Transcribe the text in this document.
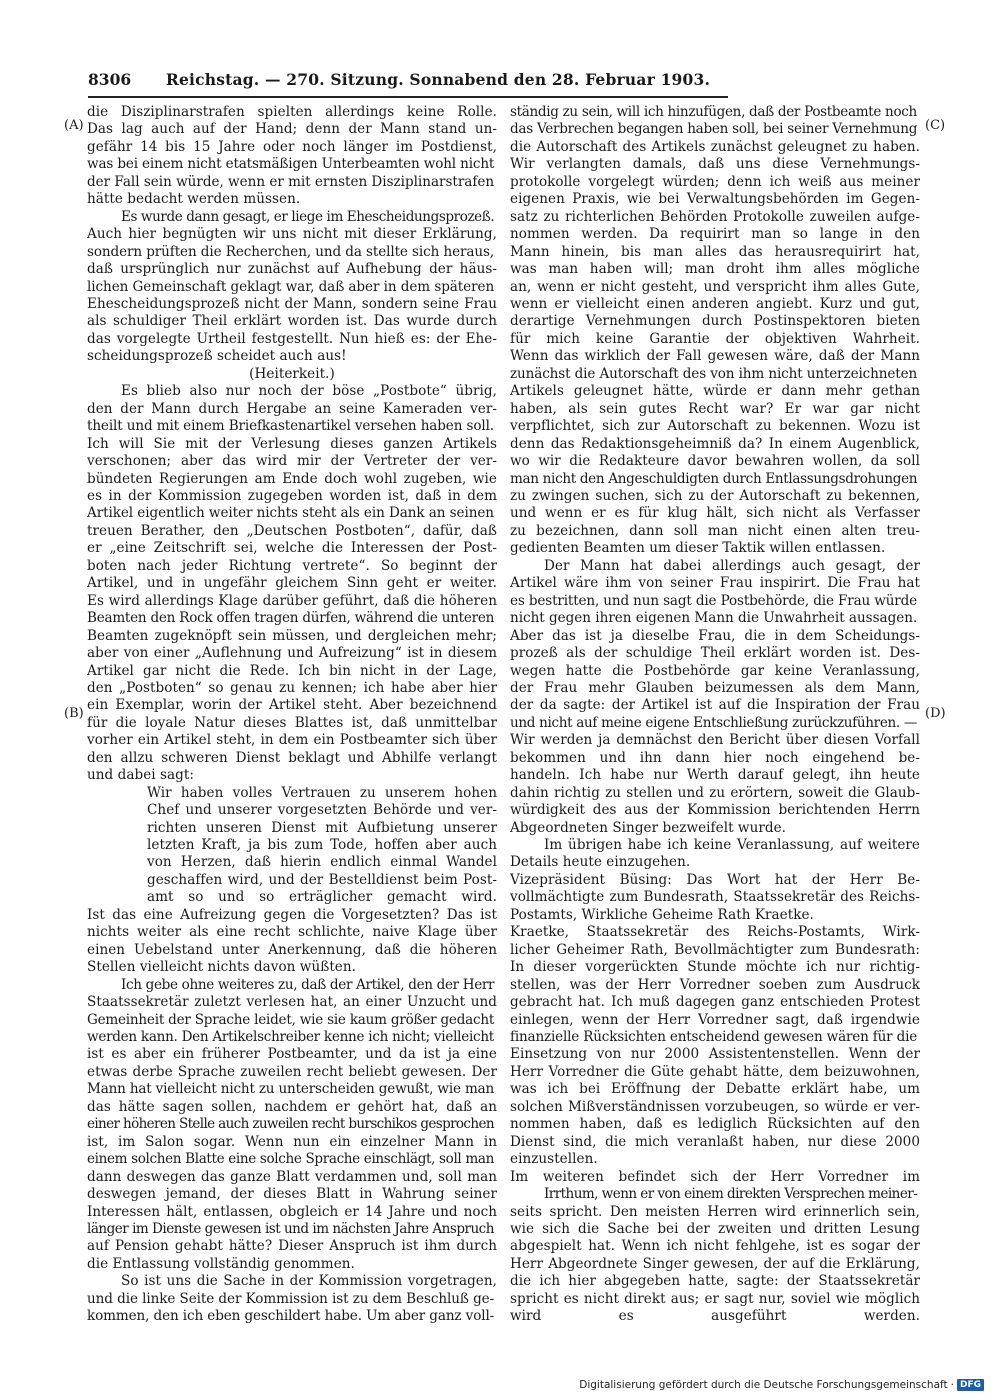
8306	Reichstag. — 270. Sitzung. Sonnabend den 28. Februar 1903.
(A)
(B)
(C)
(D)

die Disziplinarstrafen spielten allerdings keine Rolle.

Das lag auch auf der Hand; denn der Mann stand un-

gefähr 14 bis 15 Jahre oder noch länger im Postdienst,

was bei einem nicht etatsmäßigen Unterbeamten wohl nicht

der Fall sein würde, wenn er mit ernsten Disziplinarstrafen

hätte bedacht werden müssen.

Es wurde dann gesagt, er liege im Ehescheidungsprozeß.

Auch hier begnügten wir uns nicht mit dieser Erklärung,

sondern prüften die Recherchen, und da stellte sich heraus,

daß ursprünglich nur zunächst auf Aufhebung der häus-

lichen Gemeinschaft geklagt war, daß aber in dem späteren

Ehescheidungsprozeß nicht der Mann, sondern seine Frau

als schuldiger Theil erklärt worden ist. Das wurde durch

das vorgelegte Urtheil festgestellt. Nun hieß es: der Ehe-

scheidungsprozeß scheidet auch aus!

(Heiterkeit.)

Es blieb also nur noch der böse „Postbote“ übrig,

den der Mann durch Hergabe an seine Kameraden ver-

theilt und mit einem Briefkastenartikel versehen haben soll.

Ich will Sie mit der Verlesung dieses ganzen Artikels

verschonen; aber das wird mir der Vertreter der ver-

bündeten Regierungen am Ende doch wohl zugeben, wie

es in der Kommission zugegeben worden ist, daß in dem

Artikel eigentlich weiter nichts steht als ein Dank an seinen

treuen Berather, den „Deutschen Postboten“, dafür, daß

er „eine Zeitschrift sei, welche die Interessen der Post-

boten nach jeder Richtung vertrete“. So beginnt der

Artikel, und in ungefähr gleichem Sinn geht er weiter.

Es wird allerdings Klage darüber geführt, daß die höheren

Beamten den Rock offen tragen dürfen, während die unteren

Beamten zugeknöpft sein müssen, und dergleichen mehr;

aber von einer „Auflehnung und Aufreizung“ ist in diesem

Artikel gar nicht die Rede. Ich bin nicht in der Lage,

den „Postboten“ so genau zu kennen; ich habe aber hier

ein Exemplar, worin der Artikel steht. Aber bezeichnend

für die loyale Natur dieses Blattes ist, daß unmittelbar

vorher ein Artikel steht, in dem ein Postbeamter sich über

den allzu schweren Dienst beklagt und Abhilfe verlangt

und dabei sagt:

Wir haben volles Vertrauen zu unserem hohen

Chef und unserer vorgesetzten Behörde und ver-

richten unseren Dienst mit Aufbietung unserer

letzten Kraft, ja bis zum Tode, hoffen aber auch

von Herzen, daß hierin endlich einmal Wandel

geschaffen wird, und der Bestelldienst beim Post-

amt so und so erträglicher gemacht wird.

Ist das eine Aufreizung gegen die Vorgesetzten? Das ist

nichts weiter als eine recht schlichte, naive Klage über

einen Uebelstand unter Anerkennung, daß die höheren

Stellen vielleicht nichts davon wüßten.

Ich gebe ohne weiteres zu, daß der Artikel, den der Herr

Staatssekretär zuletzt verlesen hat, an einer Unzucht und

Gemeinheit der Sprache leidet, wie sie kaum größer gedacht

werden kann. Den Artikelschreiber kenne ich nicht; vielleicht

ist es aber ein früherer Postbeamter, und da ist ja eine

etwas derbe Sprache zuweilen recht beliebt gewesen. Der

Mann hat vielleicht nicht zu unterscheiden gewußt, wie man

das hätte sagen sollen, nachdem er gehört hat, daß an

einer höheren Stelle auch zuweilen recht burschikos gesprochen

ist, im Salon sogar. Wenn nun ein einzelner Mann in

einem solchen Blatte eine solche Sprache einschlägt, soll man

dann deswegen das ganze Blatt verdammen und, soll man

deswegen jemand, der dieses Blatt in Wahrung seiner

Interessen hält, entlassen, obgleich er 14 Jahre und noch

länger im Dienste gewesen ist und im nächsten Jahre Anspruch

auf Pension gehabt hätte? Dieser Anspruch ist ihm durch

die Entlassung vollständig genommen.

So ist uns die Sache in der Kommission vorgetragen,

und die linke Seite der Kommission ist zu dem Beschluß ge-

kommen, den ich eben geschildert habe. Um aber ganz voll-

ständig zu sein, will ich hinzufügen, daß der Postbeamte noch

das Verbrechen begangen haben soll, bei seiner Vernehmung

die Autorschaft des Artikels zunächst geleugnet zu haben.

Wir verlangten damals, daß uns diese Vernehmungs-

protokolle vorgelegt würden; denn ich weiß aus meiner

eigenen Praxis, wie bei Verwaltungsbehörden im Gegen-

satz zu richterlichen Behörden Protokolle zuweilen aufge-

nommen werden. Da requirirt man so lange in den

Mann hinein, bis man alles das herausrequirirt hat,

was man haben will; man droht ihm alles mögliche

an, wenn er nicht gesteht, und verspricht ihm alles Gute,

wenn er vielleicht einen anderen angiebt. Kurz und gut,

derartige Vernehmungen durch Postinspektoren bieten

für mich keine Garantie der objektiven Wahrheit.

Wenn das wirklich der Fall gewesen wäre, daß der Mann

zunächst die Autorschaft des von ihm nicht unterzeichneten

Artikels geleugnet hätte, würde er dann mehr gethan

haben, als sein gutes Recht war? Er war gar nicht

verpflichtet, sich zur Autorschaft zu bekennen. Wozu ist

denn das Redaktionsgeheimniß da? In einem Augenblick,

wo wir die Redakteure davor bewahren wollen, da soll

man nicht den Angeschuldigten durch Entlassungsdrohungen

zu zwingen suchen, sich zu der Autorschaft zu bekennen,

und wenn er es für klug hält, sich nicht als Verfasser

zu bezeichnen, dann soll man nicht einen alten treu-

gedienten Beamten um dieser Taktik willen entlassen.

Der Mann hat dabei allerdings auch gesagt, der

Artikel wäre ihm von seiner Frau inspirirt. Die Frau hat

es bestritten, und nun sagt die Postbehörde, die Frau würde

nicht gegen ihren eigenen Mann die Unwahrheit aussagen.

Aber das ist ja dieselbe Frau, die in dem Scheidungs-

prozeß als der schuldige Theil erklärt worden ist. Des-

wegen hatte die Postbehörde gar keine Veranlassung,

der Frau mehr Glauben beizumessen als dem Mann,

der da sagte: der Artikel ist auf die Inspiration der Frau

und nicht auf meine eigene Entschließung zurückzuführen. —

Wir werden ja demnächst den Bericht über diesen Vorfall

bekommen und ihn dann hier noch eingehend be-

handeln. Ich habe nur Werth darauf gelegt, ihn heute

dahin richtig zu stellen und zu erörtern, soweit die Glaub-

würdigkeit des aus der Kommission berichtenden Herrn

Abgeordneten Singer bezweifelt wurde.

Im übrigen habe ich keine Veranlassung, auf weitere

Details heute einzugehen.

Vizepräsident Büsing: Das Wort hat der Herr Be-

vollmächtigte zum Bundesrath, Staatssekretär des Reichs-

Postamts, Wirkliche Geheime Rath Kraetke.

Kraetke, Staatssekretär des Reichs-Postamts, Wirk-

licher Geheimer Rath, Bevollmächtigter zum Bundesrath:

In dieser vorgerückten Stunde möchte ich nur richtig-

stellen, was der Herr Vorredner soeben zum Ausdruck

gebracht hat. Ich muß dagegen ganz entschieden Protest

einlegen, wenn der Herr Vorredner sagt, daß irgendwie

finanzielle Rücksichten entscheidend gewesen wären für die

Einsetzung von nur 2000 Assistentenstellen. Wenn der

Herr Vorredner die Güte gehabt hätte, dem beizuwohnen,

was ich bei Eröffnung der Debatte erklärt habe, um

solchen Mißverständnissen vorzubeugen, so würde er ver-

nommen haben, daß es lediglich Rücksichten auf den

Dienst sind, die mich veranlaßt haben, nur diese 2000

einzustellen.

Im weiteren befindet sich der Herr Vorredner im

Irrthum, wenn er von einem direkten Versprechen meiner-

seits spricht. Den meisten Herren wird erinnerlich sein,

wie sich die Sache bei der zweiten und dritten Lesung

abgespielt hat. Wenn ich nicht fehlgehe, ist es sogar der

Herr Abgeordnete Singer gewesen, der auf die Erklärung,

die ich hier abgegeben hatte, sagte: der Staatssekretär

spricht es nicht direkt aus; er sagt nur, soviel wie möglich

wird es ausgeführt werden.

Digitalisierung gefördert durch die Deutsche Forschungsgemeinschaft · DFG
